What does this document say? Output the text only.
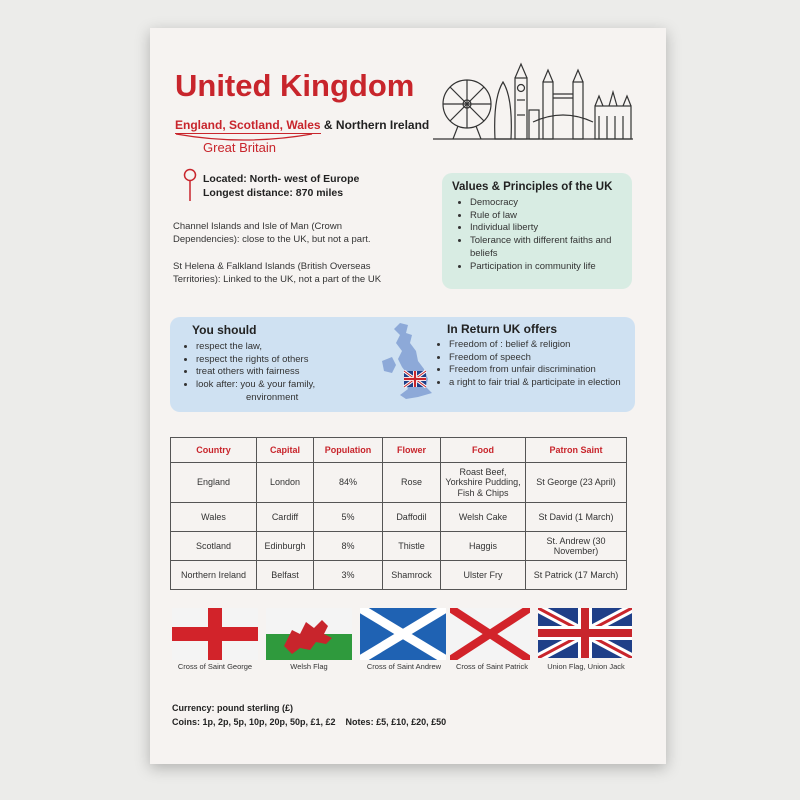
United Kingdom
England, Scotland, Wales & Northern Ireland
Great Britain
Located: North- west of Europe
Longest distance: 870 miles
Channel Islands and Isle of Man (Crown Dependencies): close to the UK, but not a part.
St Helena & Falkland Islands (British Overseas Territories): Linked to the UK, not a part of the UK
Values & Principles of the UK
• Democracy
• Rule of law
• Individual liberty
• Tolerance with different faiths and beliefs
• Participation in community life
You should
• respect the law,
• respect the rights of others
• treat others with fairness
• look after: you & your family,
environment
In Return UK offers
• Freedom of : belief & religion
• Freedom of speech
• Freedom from unfair discrimination
• a right to fair trial & participate in election
Country	Capital	Population	Flower	Food	Patron Saint
England	London	84%	Rose	Roast Beef, Yorkshire Pudding, Fish & Chips	St George (23 April)
Wales	Cardiff	5%	Daffodil	Welsh Cake	St David (1 March)
Scotland	Edinburgh	8%	Thistle	Haggis	St. Andrew (30 November)
Northern Ireland	Belfast	3%	Shamrock	Ulster Fry	St Patrick (17 March)
Cross of Saint George	Welsh Flag	Cross of Saint Andrew	Cross of Saint Patrick	Union Flag, Union Jack
Currency: pound sterling (£)
Coins: 1p, 2p, 5p, 10p, 20p, 50p, £1, £2    Notes: £5, £10, £20, £50
